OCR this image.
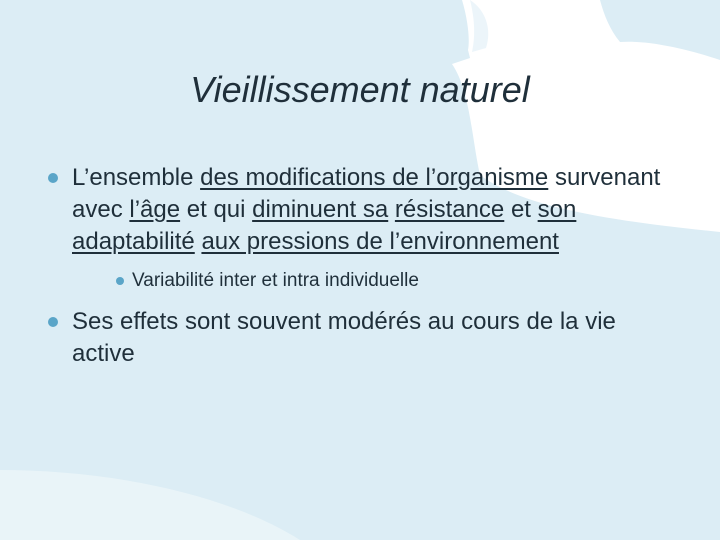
Vieillissement naturel
L’ensemble des modifications de l’organisme survenant avec l’âge et qui diminuent sa résistance et son adaptabilité aux pressions de l’environnement
Variabilité inter et intra individuelle
Ses effets sont souvent modérés au cours de la vie active
